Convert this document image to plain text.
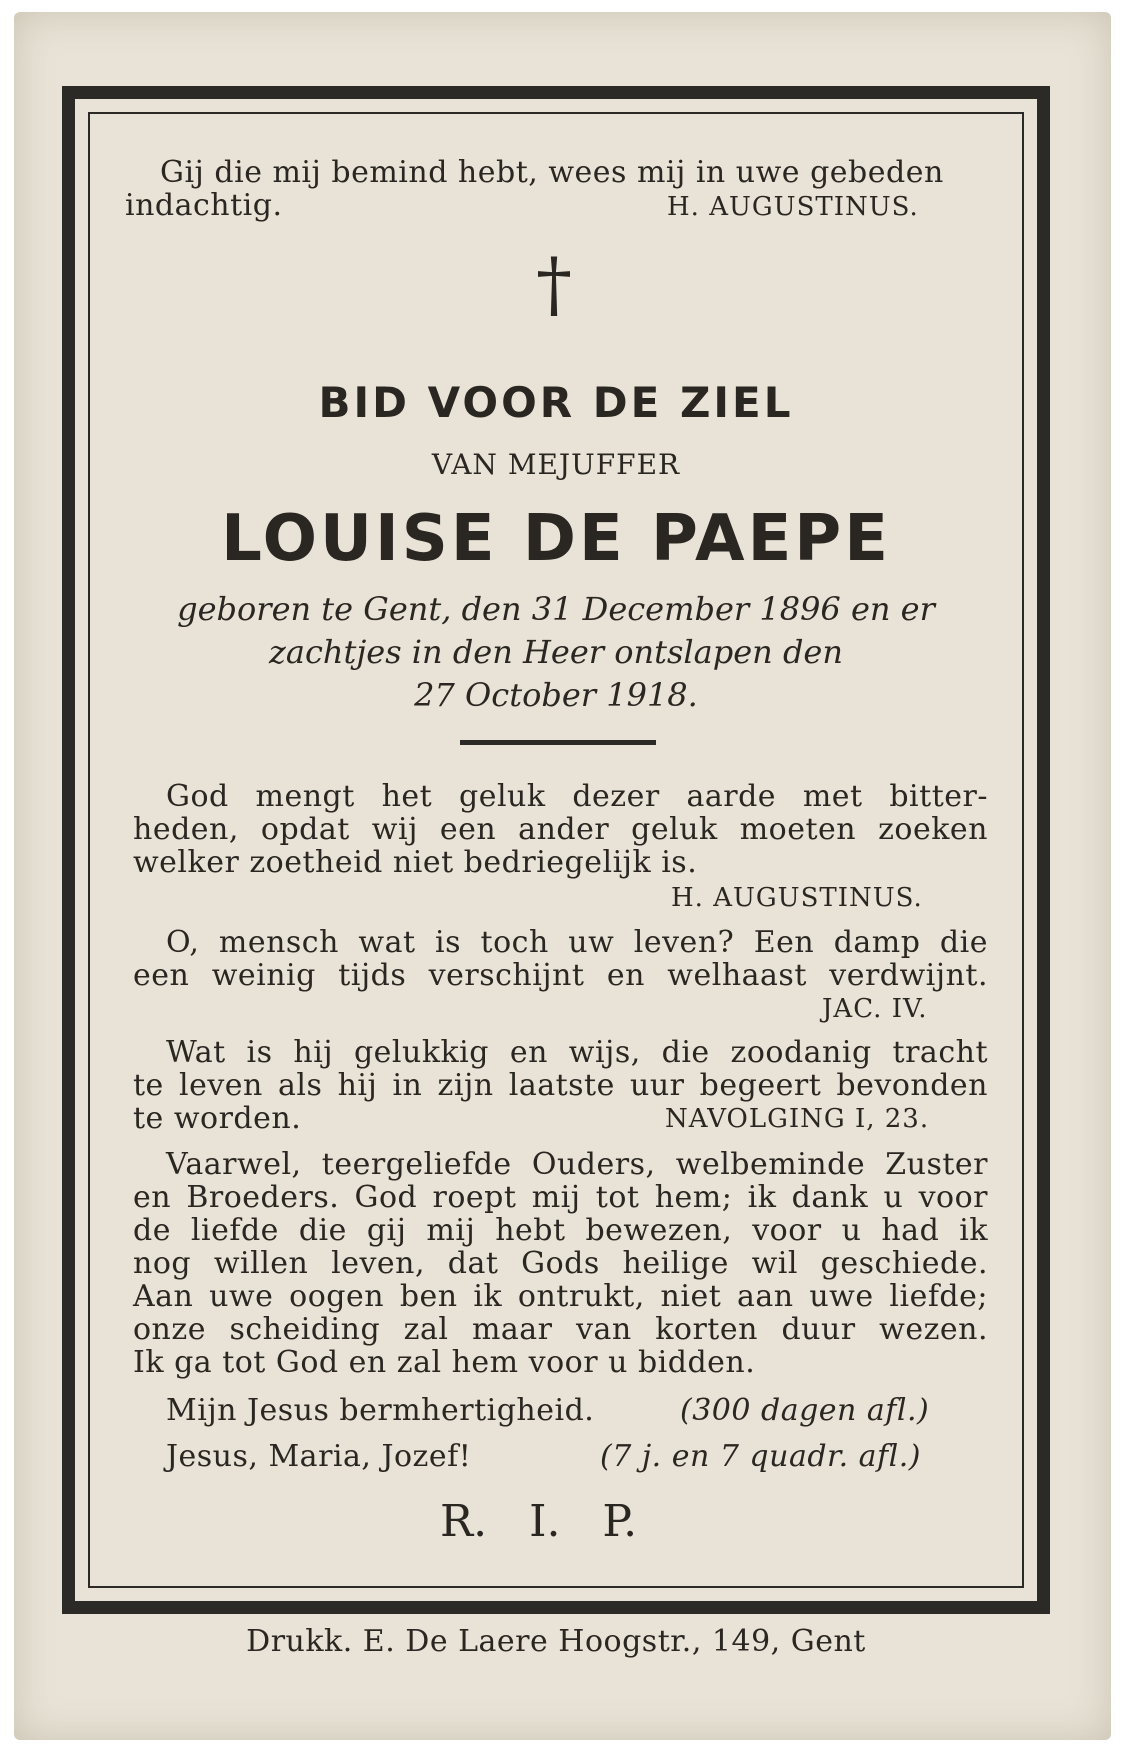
Gij die mij bemind hebt, wees mij in uwe gebeden
indachtig.	H. AUGUSTINUS.
†
BID VOOR DE ZIEL
VAN MEJUFFER
LOUISE DE PAEPE
geboren te Gent, den 31 December 1896 en er
zachtjes in den Heer ontslapen den
27 October 1918.
God mengt het geluk dezer aarde met bitter-
heden, opdat wij een ander geluk moeten zoeken
welker zoetheid niet bedriegelijk is.
H. AUGUSTINUS.
O, mensch wat is toch uw leven? Een damp die
een weinig tijds verschijnt en welhaast verdwijnt.
JAC. IV.
Wat is hij gelukkig en wijs, die zoodanig tracht
te leven als hij in zijn laatste uur begeert bevonden
te worden.	NAVOLGING I, 23.
Vaarwel, teergeliefde Ouders, welbeminde Zuster
en Broeders. God roept mij tot hem; ik dank u voor
de liefde die gij mij hebt bewezen, voor u had ik
nog willen leven, dat Gods heilige wil geschiede.
Aan uwe oogen ben ik ontrukt, niet aan uwe liefde;
onze scheiding zal maar van korten duur wezen.
Ik ga tot God en zal hem voor u bidden.
Mijn Jesus bermhertigheid.	(300 dagen afl.)
Jesus, Maria, Jozef!	(7 j. en 7 quadr. afl.)
R.   I.   P.
Drukk. E. De Laere Hoogstr., 149, Gent
